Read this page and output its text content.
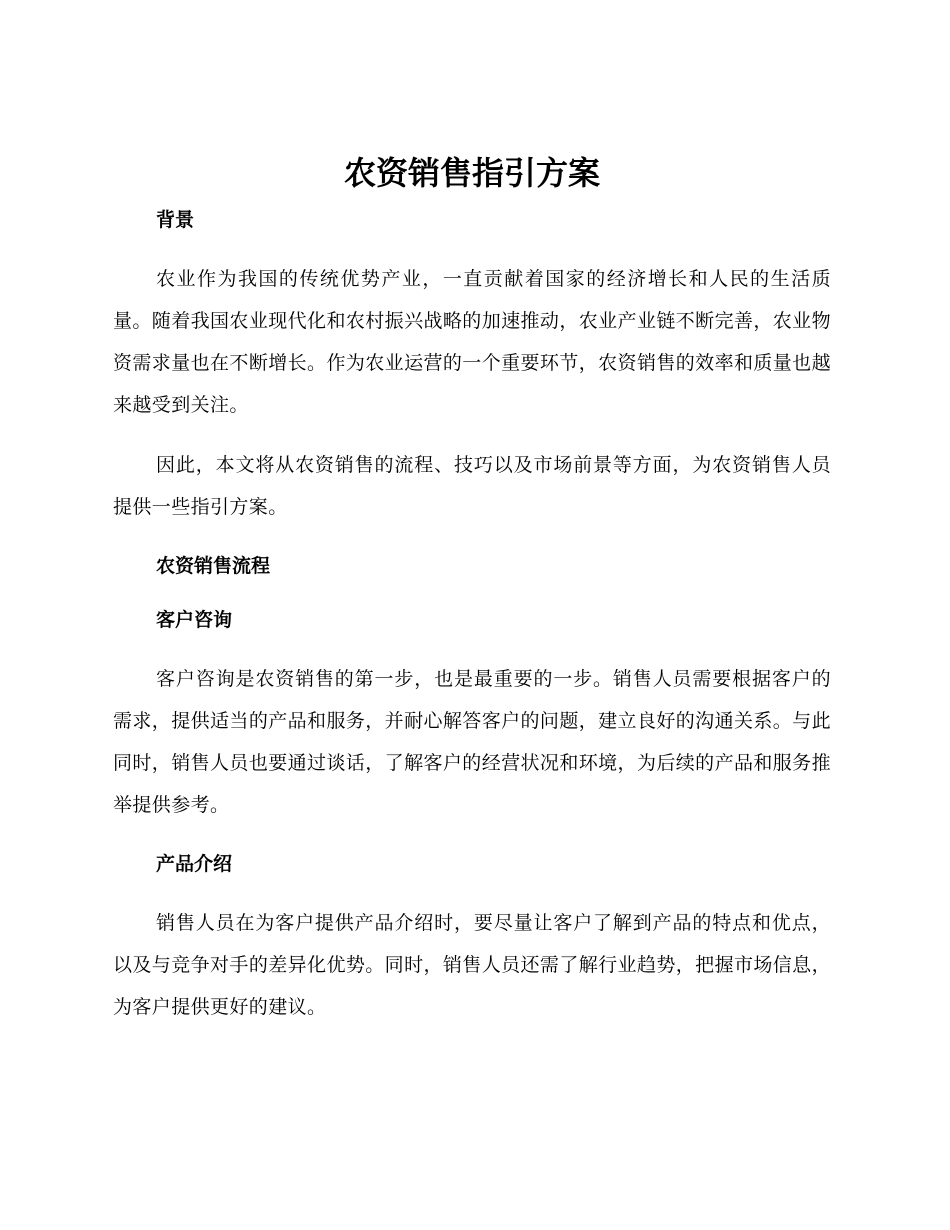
农资销售指引方案
背景

农业作为我国的传统优势产业，一直贡献着国家的经济增长和人民的生活质量。随着我国农业现代化和农村振兴战略的加速推动，农业产业链不断完善，农业物资需求量也在不断增长。作为农业运营的一个重要环节，农资销售的效率和质量也越来越受到关注。

因此，本文将从农资销售的流程、技巧以及市场前景等方面，为农资销售人员提供一些指引方案。

农资销售流程
客户咨询

客户咨询是农资销售的第一步，也是最重要的一步。销售人员需要根据客户的需求，提供适当的产品和服务，并耐心解答客户的问题，建立良好的沟通关系。与此同时，销售人员也要通过谈话，了解客户的经营状况和环境，为后续的产品和服务推举提供参考。

产品介绍

销售人员在为客户提供产品介绍时，要尽量让客户了解到产品的特点和优点，以及与竞争对手的差异化优势。同时，销售人员还需了解行业趋势，把握市场信息，为客户提供更好的建议。
